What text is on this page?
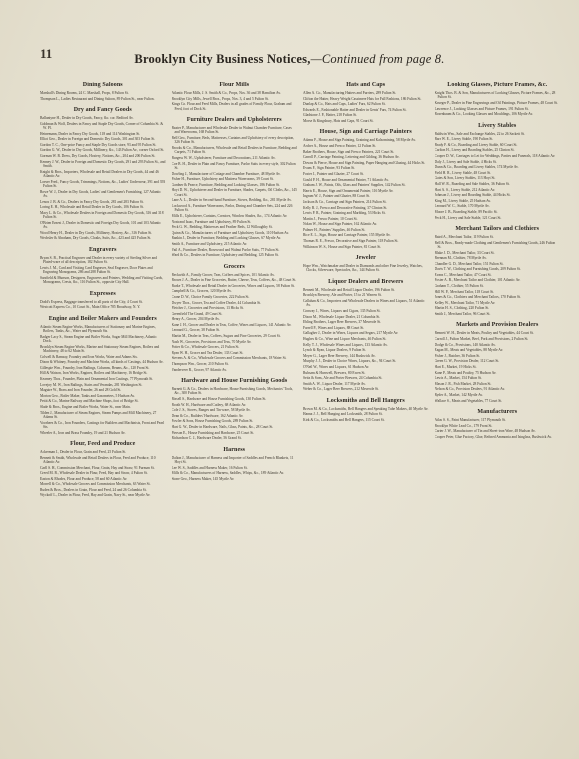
11	Brooklyn City Business Notices,—Continued from page 8.
Dining Saloons
Marshall's Dining Rooms, 24 C. Marshall, Props, 8 Fulton St.
Thompson L., Ladies Restaurant and Dining Saloon, 89 Fulton St., near Fulton.
Dry and Fancy Goods
Ballantyne H., Dealer in Dry Goods, Fancy, &c. cor. Bedford Av.
Goldman & Wolf, Dealers in Fancy and Staple Dry Goods, Corner of Columbia St. & W. Pl.
Heinemann, Dealer in Fancy Dry Goods, 118 and 114 Washington St.
Elliot Geo., Dealer in Foreign and Domestic Dry Goods, 301 and 303 Fulton St.
Gordon T. C., One-price Fancy and Staple Dry Goods store, 93 and 95 Fulton St.
Gordon G. W., Dealer in Dry Goods, Millinery, &c., 143 Fulton Av., corner Oxford St.
Gorman W. B. Dress, Dry Goods, Hosiery, Notions, &c., 204 and 206 Fulton St.
Kenney J. W., Dealer in Foreign and Domestic Dry Goods, 291 and 293 Fulton St., and Smith.
Knight & Bros., Importers, Wholesale and Retail Dealers in Dry Goods, 44 and 46 Atlantic Av.
Loeser Fred., Fancy Goods, Trimmings, Notions, &c., Ladies' Underwear, 391 and 393 Fulton St.
Rowe W. J., Dealer in Dry Goods, Ladies' and Gentlemen's Furnishing, 127 Atlantic Av.
Lenox J. B. & Co., Dealers in Fancy Dry Goods, 281 and 283 Fulton St.
Loring E. H., Wholesale and Retail Dealer in Dry Goods, 106 Fulton St.
Macy L. & Co., Wholesale Dealers in Foreign and Domestic Dry Goods, 316 and 318 Fulton St.
O'Brien Ernest J., Dealer in Domestic and Foreign Dry Goods, 101 and 103 Atlantic Av.
Wood Henry H., Dealer in Dry Goods, Millinery, Hosiery, &c., 316 Fulton St.
Wechsler & Abraham, Dry Goods, Cloaks, Suits, &c., 423 and 425 Fulton St.
Engravers
Bryan S. B., Practical Engraver and Dealer in every variety of Sterling Silver and Plated-ware of all description, 182 Fulton St.
Lewis J. M., Card and Visiting Card Engraver, Seal Engraver, Door Plates and Engraving Monograms, 286 and 288 Fulton St.
Sarsfield & Munson, Designers, Engravers and Printers, Wedding and Visiting Cards, Monograms, Crests, &c., 116 Fulton St., opposite City Hall.
Expresses
Dodd's Express, Baggage transferred to all parts of the City, 4 Court St.
Westcott Express Co., 10 Court St., Main Office 785 Broadway, N. Y.
Engine and Boiler Makers and Founders
Atlantic Steam Engine Works, Manufacturers of Stationary and Marine Engines, Boilers, Tanks, &c., Water and Plymouth Sts.
Badger Lacy S., Steam Engine and Boiler Works, Sugar Mill Machinery, Atlantic Dock.
Brooklyn Steam Engine Works, Marine and Stationary Steam Engines, Boilers and Machinery, 48 to 62 Main St.
Colwell & Ramsay, Foundry and Iron Works, Water and Adams Sts.
Dixon & Whitney, Foundry and Machine Works, all kinds of Castings, 44 Hudson Av.
Gillespie Wm., Foundry, Iron Railings, Columns, Beams, &c., 120 Front St.
Hill & Watson, Iron Works, Engines, Boilers and Machinery, 16 Bridge St.
Kearney Thos., Founder, Plain and Ornamental Iron Castings, 77 Plymouth St.
Lovejoy M. W., Iron Railings, Stairs and Verandas, 281 Washington St.
Maguire W., Brass and Iron Founder, 26 and 28 Gold St.
Morton Geo., Boiler Maker, Tanks and Gasometers, 5 Hudson Av.
Pettit & Co., Marine Railway and Machine Shops, foot of Bridge St.
Slade & Bros., Engine and Boiler Works, Water St., near Main.
Tilden J., Manufacturer of Steam Engines, Steam Pumps and Mill Machinery, 27 Adams St.
Voorhees & Co., Iron Founders, Castings for Builders and Machinists, Front and Pearl Sts.
Wheeler A., Iron and Brass Foundry, 19 and 21 Hudson Av.
Flour, Feed and Produce
Ackerman J., Dealer in Flour, Grain and Feed, 25 Fulton St.
Bennett & Smith, Wholesale and Retail Dealers in Flour, Feed and Produce, 110 Atlantic Av.
Carll S. H., Commission Merchant, Flour, Grain, Hay and Straw, 91 Furman St.
Creed M. B., Wholesale Dealer in Flour, Feed, Hay and Straw, 4 Fulton St.
Easton & Rhodes, Flour and Produce, 58 and 60 Atlantic Av.
Morrell & Co., Wholesale Grocers and Commission Merchants, 63 Water St.
Ruden & Bros., Dealers in Grain, Flour and Feed, 24 and 26 Columbia St.
Wyckoff L., Dealer in Flour, Feed, Hay and Grain, Navy St., near Myrtle Av.
Flour Mills
Atlantic Flour Mills, J. S. Smith & Co., Props, Nos. 36 and 38 Hamilton Av.
Brooklyn City Mills, Jewell Bros., Props, Nos. 3, 4 and 5 Fulton St.
Kings Co. Flour and Feed Mills, Dealers in all grades of Family Flour, Graham and Feed, foot of Dock St.
Furniture Dealers and Upholsterers
Baxter P., Manufacturer and Wholesale Dealer in Walnut Chamber Furniture, Cases and Warerooms, 168 Fulton St.
Bell Geo., Furniture, Beds, Mattresses, Curtains and Upholstery of every description, 326 Fulton St.
Brooks & Co., Manufacturers, Wholesale and Retail Dealers in Furniture, Bedding and Carpets, 71 Fulton St.
Burgess W. W., Upholsterer, Furniture and Decorations, 211 Atlantic Av.
Coe B. H., Dealer in Plain and Fancy Furniture, Parlor Suits in every style, 302 Fulton St.
Dowling J., Manufacturer of Cottage and Chamber Furniture, 48 Myrtle Av.
Fisher H., Furniture, Upholstery and Mattress Warerooms, 39 Court St.
Gardner & Pearce, Furniture, Bedding and Looking Glasses, 186 Fulton St.
Hoyt D. W., Upholsterer and Dealer in Furniture, Shades, Carpets, Oil Cloths, &c., 145 Court St.
Lane A. L., Dealer in Second-hand Furniture, Stoves, Bedding, &c., 281 Myrtle Av.
Lockwood A., Furniture Warerooms, Parlor, Dining and Chamber Sets, 224 and 226 Fulton St.
Mills E., Upholsterer, Curtains, Cornices, Window Shades, &c., 174 Atlantic Av.
Nostrand Isaac, Furniture and Upholstery, 89 Fulton St.
Peck G. W., Bedding, Mattresses and Feather Beds, 12 Willoughby St.
Quinn & Co., Manufacturers of Furniture and Upholstery Goods, 110 Hudson Av.
Rankin J., Dealer in Furniture, Bedding and Looking Glasses, 67 Myrtle Av.
Smith A., Furniture and Upholstery, 215 Atlantic Av.
Vail A., Furniture Dealer, Rosewood and Walnut Parlor Suits, 77 Fulton St.
Ward & Co., Dealers in Furniture, Upholstery and Bedding, 125 Fulton St.
Grocers
Beckwith A., Family Grocer, Teas, Coffees and Spices, 101 Atlantic Av.
Brown J. A., Dealer in Fine Groceries, Butter, Cheese, Teas, Coffees, &c., 48 Court St.
Burke T., Wholesale and Retail Dealer in Groceries, Wines and Liquors, 58 Fulton St.
Campbell & Co., Grocers, 120 Myrtle Av.
Crane D. W., Choice Family Groceries, 222 Fulton St.
Dwyer Thos., Grocer, Tea and Coffee Dealer, 44 Columbia St.
Fletcher J., Groceries and Provisions, 13 Hicks St.
Greenfield The Grand, 49 Court St.
Henry A., Grocer, 204 Myrtle Av.
Kane J. H., Grocer and Dealer in Teas, Coffee, Wines and Liquors, 141 Atlantic Av.
Leonard G., Grocer, 38 Fulton St.
Martin M., Dealer in Teas, Coffees, Sugars and Fine Groceries, 29 Court St.
Nash W., Groceries, Provisions and Teas, 70 Myrtle Av.
Potter & Co., Wholesale Grocers, 21 Fulton St.
Ryan W. H., Grocer and Tea Dealer, 133 Court St.
Stevens A. & Co., Wholesale Grocers and Commission Merchants, 18 Water St.
Thompson Wm., Grocer, 210 Fulton St.
Vanderveer R., Grocer, 97 Atlantic Av.
Hardware and House Furnishing Goods
Barnett G. & Co., Dealers in Hardware, House Furnishing Goods, Mechanics' Tools, &c., 300 Fulton St.
Bissell S., Hardware and House Furnishing Goods, 130 Fulton St.
Booth W. H., Hardware and Cutlery, 68 Atlantic Av.
Cole J. S., Stoves, Ranges and Tin-ware, 58 Myrtle Av.
Dean & Co., Builders' Hardware, 162 Atlantic Av.
Fowler & Sons, House Furnishing Goods, 289 Fulton St.
Hart G. W., Dealer in Hardware, Nails, Glass, Paints, &c., 28 Court St.
Pierson E., House Furnishing and Hardware, 25 Court St.
Richardson C. J., Hardware Dealer, 56 Grand St.
Harness
Dalton J., Manufacturer of Harness and Importer of Saddles and French Blankets, 11 Hoyt St.
Lee W. S., Saddles and Harness Maker, 16 Fulton St.
Mills & Co., Manufacturers of Harness, Saddles, Whips, &c., 189 Atlantic Av.
Stone Geo., Harness Maker, 145 Myrtle Av.
Hats and Caps
Allen A. Co., Manufacturing Hatters and Furriers, 289 Fulton St.
Clifton the Hatter, Heavy Weight Cassimere Hats for Fall Fashions, 186 Fulton St.
Dunlap & Co., Hats and Caps, Ladies' Furs, 62 Fulton St.
Edwards E., Fashionable Hatter and Dealer in Gents' Furs, 74 Fulton St.
Gladstone J. P., Hatter, 218 Fulton St.
Morse & Kingsbury, Hats and Caps, 91 Court St.
House, Sign and Carriage Painters
Adams F., House and Sign Painting, Graining and Kalsomining, 58 Myrtle Av.
Archer A., House and Fresco Painter, 12 Fulton St.
Baker Brothers, House, Sign and Fresco Painters, 221 Court St.
Carroll P., Carriage Painting, Lettering and Gilding, 36 Hudson Av.
Downs & Pierce, House and Sign Painting, Paper Hanging and Glazing, 44 Hicks St.
Evans F., Sign Painter, 93 Fulton St.
Foster J., Painter and Glazier, 27 Court St.
Gould P. H., House and Ornamental Painter, 71 Atlantic Av.
Graham J. W., Paints, Oils, Glass and Painters' Supplies, 142 Fulton St.
Harris E., House, Sign and Ornamental Painter, 116 Myrtle Av.
Ingram W. J., Painter and Glazier, 88 Court St.
Jackson & Co., Carriage and Sign Painters, 214 Fulton St.
Kelly R. J., Fresco and Decorative Painting, 37 Clinton St.
Lewis P. R., Painter, Graining and Marbling, 53 Hicks St.
Martin J., Fresco Painter, 10 Court St.
Nolan W., House and Sign Painter, 162 Atlantic Av.
Palmer H., Painters' Supplies, 46 Fulton St.
Rice E. L., Sign, House and Carriage Painter, 155 Myrtle Av.
Thomas R. E., Fresco, Decorative and Sign Painter, 118 Fulton St.
Wilkinson W. S., House and Sign Painter, 81 Court St.
Jeweler
Hope Wm., Watchmaker and Dealer in Diamonds and other Fine Jewelry, Watches, Clocks, Silverware, Spectacles, &c., 144 Fulton St.
Liquor Dealers and Brewers
Bennett M., Wholesale and Retail Liquor Dealer, 196 Fulton St.
Brooklyn Brewery, Ale and Porter, 15 to 21 Warren St.
Callahan & Co., Importers and Wholesale Dealers in Wines and Liquors, 51 Atlantic Av.
Conway J., Wines, Liquors and Cigars, 135 Fulton St.
Dixon M., Wholesale Liquor Dealer, 21 Columbia St.
Ebling Brothers, Lager Beer Brewers, 37 Meserole St.
Farrell P., Wines and Liquors, 88 Court St.
Gallagher J., Dealer in Wines, Liquors and Segars, 217 Myrtle Av.
Hughes & Co., Wine and Liquor Merchants, 46 Fulton St.
Kelly T. J., Wholesale Wines and Liquors, 133 Atlantic Av.
Lynch & Ryan, Liquor Dealers, 9 Fulton St.
Meyer G., Lager Beer Brewery, 144 Bushwick Av.
Murphy J. J., Dealer in Choice Wines, Liquors, &c., 94 Court St.
O'Neil W., Wines and Liquors, 61 Hudson Av.
Rubsam & Hurrwell, Brewers, 80 Ewen St.
Seitz & Sons, Ale and Porter Brewers, 24 Columbia St.
Smith A. W., Liquor Dealer, 117 Myrtle Av.
Weber & Co., Lager Beer Brewers, 212 Meserole St.
Locksmiths and Bell Hangers
Brown M. & Co., Locksmiths, Bell Hangers and Speaking Tube Makers, 40 Myrtle Av.
Hanna J. J., Bell Hanging and Locksmith, 28 Fulton St.
Kirk & Co., Locksmiths and Bell Hangers, 115 Court St.
Looking Glasses, Picture Frames, &c.
Knight Thos. B. & Son, Manufacturers of Looking Glasses, Picture Frames, &c., 28 Fulton St.
Krueger P., Dealer in Fine Engravings and Oil Paintings, Picture Frames, 48 Court St.
Lawrence J., Looking Glasses and Picture Frames, 191 Fulton St.
Rosenbaum & Co., Looking Glasses and Mouldings, 106 Myrtle Av.
Livery Stables
Baldwin Wm., Sale and Exchange Stables, 22 to 26 Sackett St.
Barr W. E., Livery Stable, 190 Fulton St.
Brady F. & Co., Boarding and Livery Stable, 60 Court St.
Carlton H., Livery and Boarding Stables, 25 Clinton St.
Cooper D. W., Carriages to Let for Weddings, Parties and Funerals, 118 Atlantic Av.
Daly J., Livery and Sale Stable, 4 Hicks St.
Dunn & Co., Boarding and Livery Stables, 174 Myrtle Av.
Field H. R., Livery Stable, 48 Court St.
Gates & Son, Livery Stables, 113 Hoyt St.
Hall W. R., Boarding and Sale Stables, 36 Fulton St.
Hart A. S., Livery Stable, 212 Atlantic Av.
Johnson J., Livery and Boarding Stable, 44 Hicks St.
King M., Livery Stable, 25 Hudson Av.
Leonard W. C., Stable, 170 Myrtle Av.
Moore J. B., Boarding Stable, 89 Pacific St.
Peck H., Livery and Sale Stable, 121 Court St.
Merchant Tailors and Clothiers
Baird A., Merchant Tailor, 119 Fulton St.
Bell & Bros., Ready-made Clothing and Gentlemen's Furnishing Goods, 246 Fulton St.
Blake J. D., Merchant Tailor, 33 Court St.
Brennan M., Clothier, 78 Myrtle Av.
Chandler G. D., Merchant Tailor, 151 Fulton St.
Davis T. W., Clothing and Furnishing Goods, 209 Fulton St.
Evans C., Merchant Tailor, 47 Court St.
Foster A. B., Merchant Tailor and Clothier, 101 Atlantic Av.
Graham T., Clothier, 55 Fulton St.
Hill W. P., Merchant Tailor, 118 Court St.
Jones & Co., Clothiers and Merchant Tailors, 170 Fulton St.
Kelley W., Merchant Tailor, 71 Myrtle Av.
Martin H. S., Clothing, 220 Fulton St.
Smith J., Merchant Tailor, 96 Court St.
Markets and Provision Dealers
Bennett W. H., Dealer in Meats, Poultry and Vegetables, 44 Court St.
Carroll J., Fulton Market, Beef, Pork and Provisions, 2 Fulton St.
Dodge & Co., Provisions, 140 Atlantic Av.
Eagan M., Meats and Vegetables, 88 Myrtle Av.
Fisher J., Butcher, 36 Fulton St.
Green G. W., Provision Dealer, 112 Court St.
Hart E., Market, 19 Hicks St.
Kane P., Meats and Poultry, 75 Hudson Av.
Lewis A., Market, 154 Fulton St.
Mason J. R., Fish Market, 28 Fulton St.
Nelson & Co., Provision Dealers, 91 Atlantic Av.
Ryder A., Market, 142 Myrtle Av.
Wallace S., Meats and Vegetables, 77 Court St.
Manufacturers
Atlas S. S., Paint Manufacturer, 117 Plymouth St.
Brooklyn White Lead Co., 179 Front St.
Carter J. W., Manufacturer of Tin and Sheet-iron Ware, 48 Hudson Av.
Cooper Peter, Glue Factory, Glue, Refined Ammonia and Isinglass, Bushwick Av.
